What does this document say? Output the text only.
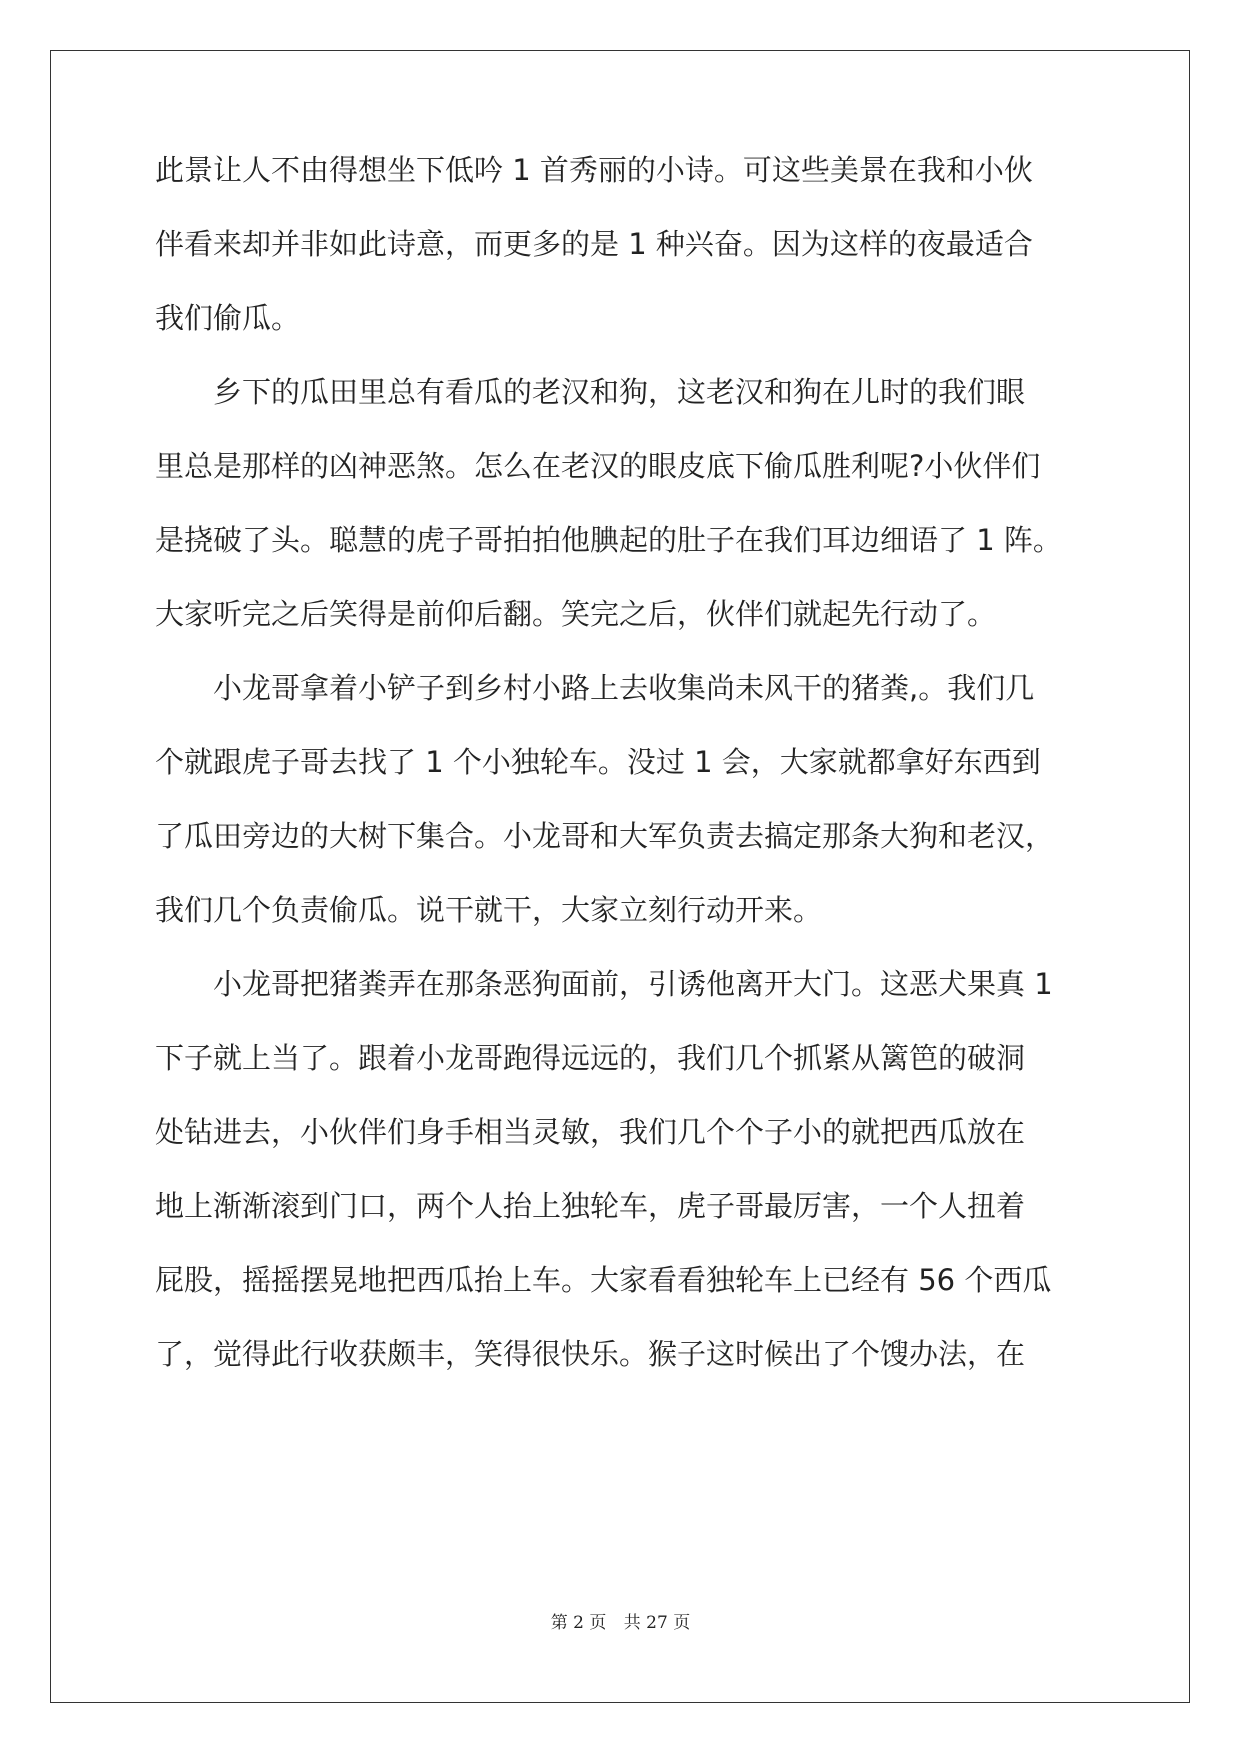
此景让人不由得想坐下低吟 1 首秀丽的小诗。可这些美景在我和小伙
伴看来却并非如此诗意，而更多的是 1 种兴奋。因为这样的夜最适合
我们偷瓜。
　　乡下的瓜田里总有看瓜的老汉和狗，这老汉和狗在儿时的我们眼
里总是那样的凶神恶煞。怎么在老汉的眼皮底下偷瓜胜利呢?小伙伴们
是挠破了头。聪慧的虎子哥拍拍他腆起的肚子在我们耳边细语了 1 阵。
大家听完之后笑得是前仰后翻。笑完之后，伙伴们就起先行动了。
　　小龙哥拿着小铲子到乡村小路上去收集尚未风干的猪粪,。我们几
个就跟虎子哥去找了 1 个小独轮车。没过 1 会，大家就都拿好东西到
了瓜田旁边的大树下集合。小龙哥和大军负责去搞定那条大狗和老汉，
我们几个负责偷瓜。说干就干，大家立刻行动开来。
　　小龙哥把猪粪弄在那条恶狗面前，引诱他离开大门。这恶犬果真 1
下子就上当了。跟着小龙哥跑得远远的，我们几个抓紧从篱笆的破洞
处钻进去，小伙伴们身手相当灵敏，我们几个个子小的就把西瓜放在
地上渐渐滚到门口，两个人抬上独轮车，虎子哥最厉害，一个人扭着
屁股，摇摇摆晃地把西瓜抬上车。大家看看独轮车上已经有 56 个西瓜
了，觉得此行收获颇丰，笑得很快乐。猴子这时候出了个馊办法，在
第 2 页 共 27 页
